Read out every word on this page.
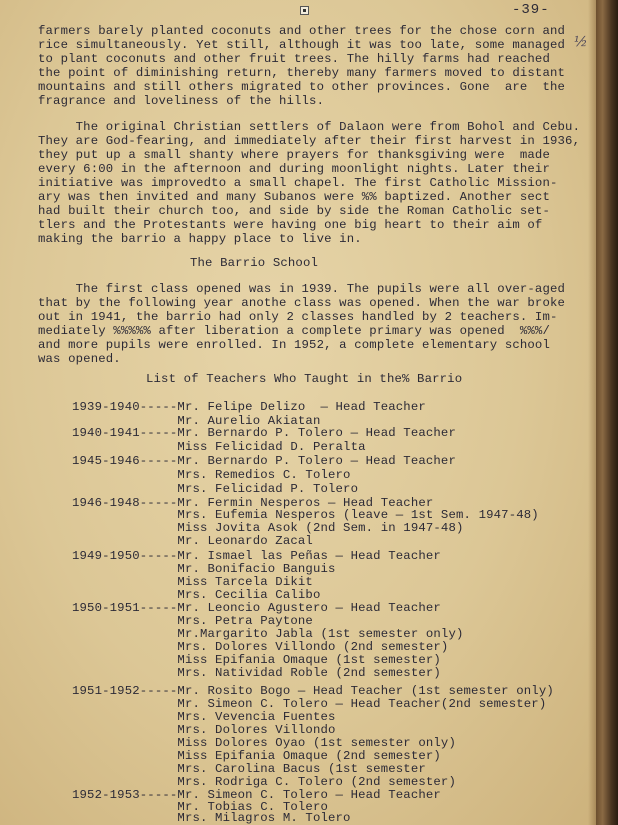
-39-

½

farmers barely planted coconuts and other trees for the chose corn and

rice simultaneously. Yet still, although it was too late, some managed

to plant coconuts and other fruit trees. The hilly farms had reached

the point of diminishing return, thereby many farmers moved to distant

mountains and still others migrated to other provinces. Gone  are  the

fragrance and loveliness of the hills.

The original Christian settlers of Dalaon were from Bohol and Cebu.

They are God-fearing, and immediately after their first harvest in 1936,

they put up a small shanty where prayers for thanksgiving were  made

every 6:00 in the afternoon and during moonlight nights. Later their

initiative was improvedto a small chapel. The first Catholic Mission-

ary was then invited and many Subanos were %% baptized. Another sect

had built their church too, and side by side the Roman Catholic set-

tlers and the Protestants were having one big heart to their aim of

making the barrio a happy place to live in.

The Barrio School

The first class opened was in 1939. The pupils were all over-aged

that by the following year anothe class was opened. When the war broke

out in 1941, the barrio had only 2 classes handled by 2 teachers. Im-

mediately %%%%% after liberation a complete primary was opened  %%%/

and more pupils were enrolled. In 1952, a complete elementary school

was opened.

List of Teachers Who Taught in the% Barrio

1939-1940-----Mr. Felipe Delizo  — Head Teacher

Mr. Aurelio Akiatan

1940-1941-----Mr. Bernardo P. Tolero — Head Teacher

Miss Felicidad D. Peralta

1945-1946-----Mr. Bernardo P. Tolero — Head Teacher

Mrs. Remedios C. Tolero

Mrs. Felicidad P. Tolero

1946-1948-----Mr. Fermin Nesperos — Head Teacher

Mrs. Eufemia Nesperos (leave — 1st Sem. 1947-48)

Miss Jovita Asok (2nd Sem. in 1947-48)

Mr. Leonardo Zacal

1949-1950-----Mr. Ismael las Peñas — Head Teacher

Mr. Bonifacio Banguis

Miss Tarcela Dikit

Mrs. Cecilia Calibo

1950-1951-----Mr. Leoncio Agustero — Head Teacher

Mrs. Petra Paytone

Mr.Margarito Jabla (1st semester only)

Mrs. Dolores Villondo (2nd semester)

Miss Epifania Omaque (1st semester)

Mrs. Natividad Roble (2nd semester)

1951-1952-----Mr. Rosito Bogo — Head Teacher (1st semester only)

Mr. Simeon C. Tolero — Head Teacher(2nd semester)

Mrs. Vevencia Fuentes

Mrs. Dolores Villondo

Miss Dolores Oyao (1st semester only)

Miss Epifania Omaque (2nd semester)

Mrs. Carolina Bacus (1st semester

Mrs. Rodriga C. Tolero (2nd semester)

1952-1953-----Mr. Simeon C. Tolero — Head Teacher

Mr. Tobias C. Tolero

Mrs. Milagros M. Tolero
